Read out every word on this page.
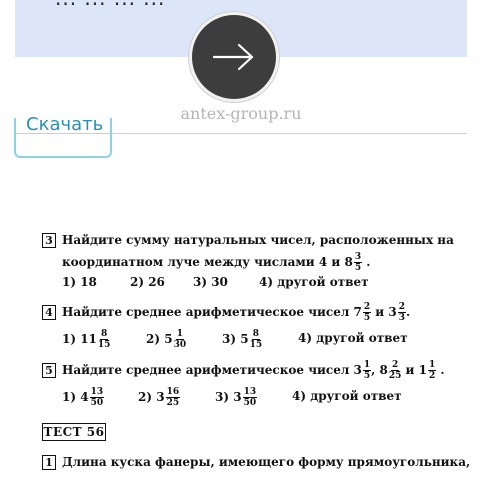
antex-group.ru
Скачать
3 Найдите сумму натуральных чисел, расположенных на
координатном луче между числами 4 и $8 \frac{3}{5}$ .
1) 18	2) 26 3) 30	4) другой ответ
4 Найдите среднее арифметическое чисел $7 \frac{2}{5}$ и $3 \frac{2}{3}$ .
1) $11 \frac{8}{15}$	2) $5 \frac{1}{30}$	3) $5 \frac{8}{15}$	4) другой ответ
5 Найдите среднее арифметическое чисел $3 \frac{1}{5}$ , $8 \frac{2}{25}$ и $1 \frac{1}{2}$ .
1) $4 \frac{13}{50}$	2) $3 \frac{16}{25}$	3) $3 \frac{13}{50}$	4) другой ответ
ТЕСТ 56
1 Длина куска фанеры, имеющего форму прямоугольника,
